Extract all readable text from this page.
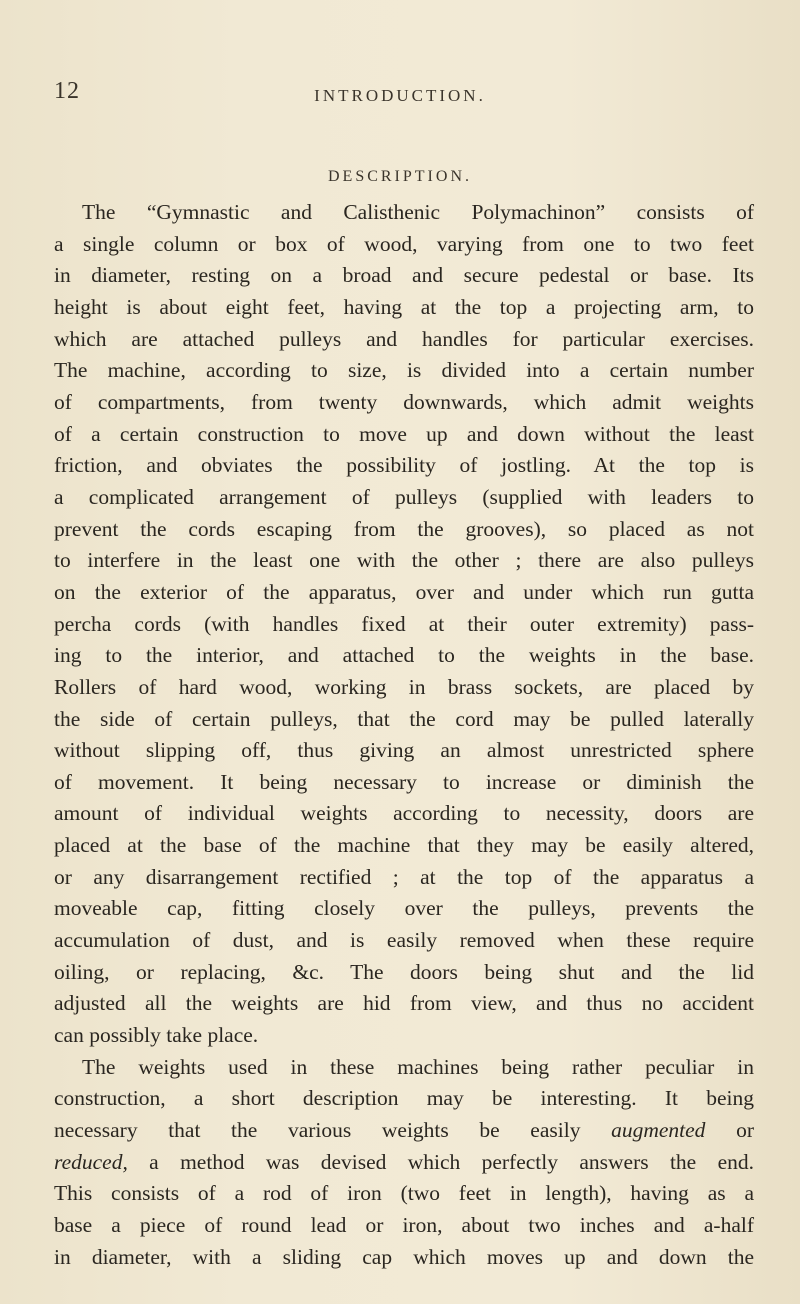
12	INTRODUCTION.
DESCRIPTION.
The “Gymnastic and Calisthenic Polymachinon” consists of
a single column or box of wood, varying from one to two feet
in diameter, resting on a broad and secure pedestal or base. Its
height is about eight feet, having at the top a projecting arm, to
which are attached pulleys and handles for particular exercises.
The machine, according to size, is divided into a certain number
of compartments, from twenty downwards, which admit weights
of a certain construction to move up and down without the least
friction, and obviates the possibility of jostling. At the top is
a complicated arrangement of pulleys (supplied with leaders to
prevent the cords escaping from the grooves), so placed as not
to interfere in the least one with the other ; there are also pulleys
on the exterior of the apparatus, over and under which run gutta
percha cords (with handles fixed at their outer extremity) pass-
ing to the interior, and attached to the weights in the base.
Rollers of hard wood, working in brass sockets, are placed by
the side of certain pulleys, that the cord may be pulled laterally
without slipping off, thus giving an almost unrestricted sphere
of movement. It being necessary to increase or diminish the
amount of individual weights according to necessity, doors are
placed at the base of the machine that they may be easily altered,
or any disarrangement rectified ; at the top of the apparatus a
moveable cap, fitting closely over the pulleys, prevents the
accumulation of dust, and is easily removed when these require
oiling, or replacing, &c. The doors being shut and the lid
adjusted all the weights are hid from view, and thus no accident
can possibly take place.
The weights used in these machines being rather peculiar in
construction, a short description may be interesting. It being
necessary that the various weights be easily augmented or
reduced, a method was devised which perfectly answers the end.
This consists of a rod of iron (two feet in length), having as a
base a piece of round lead or iron, about two inches and a-half
in diameter, with a sliding cap which moves up and down the
